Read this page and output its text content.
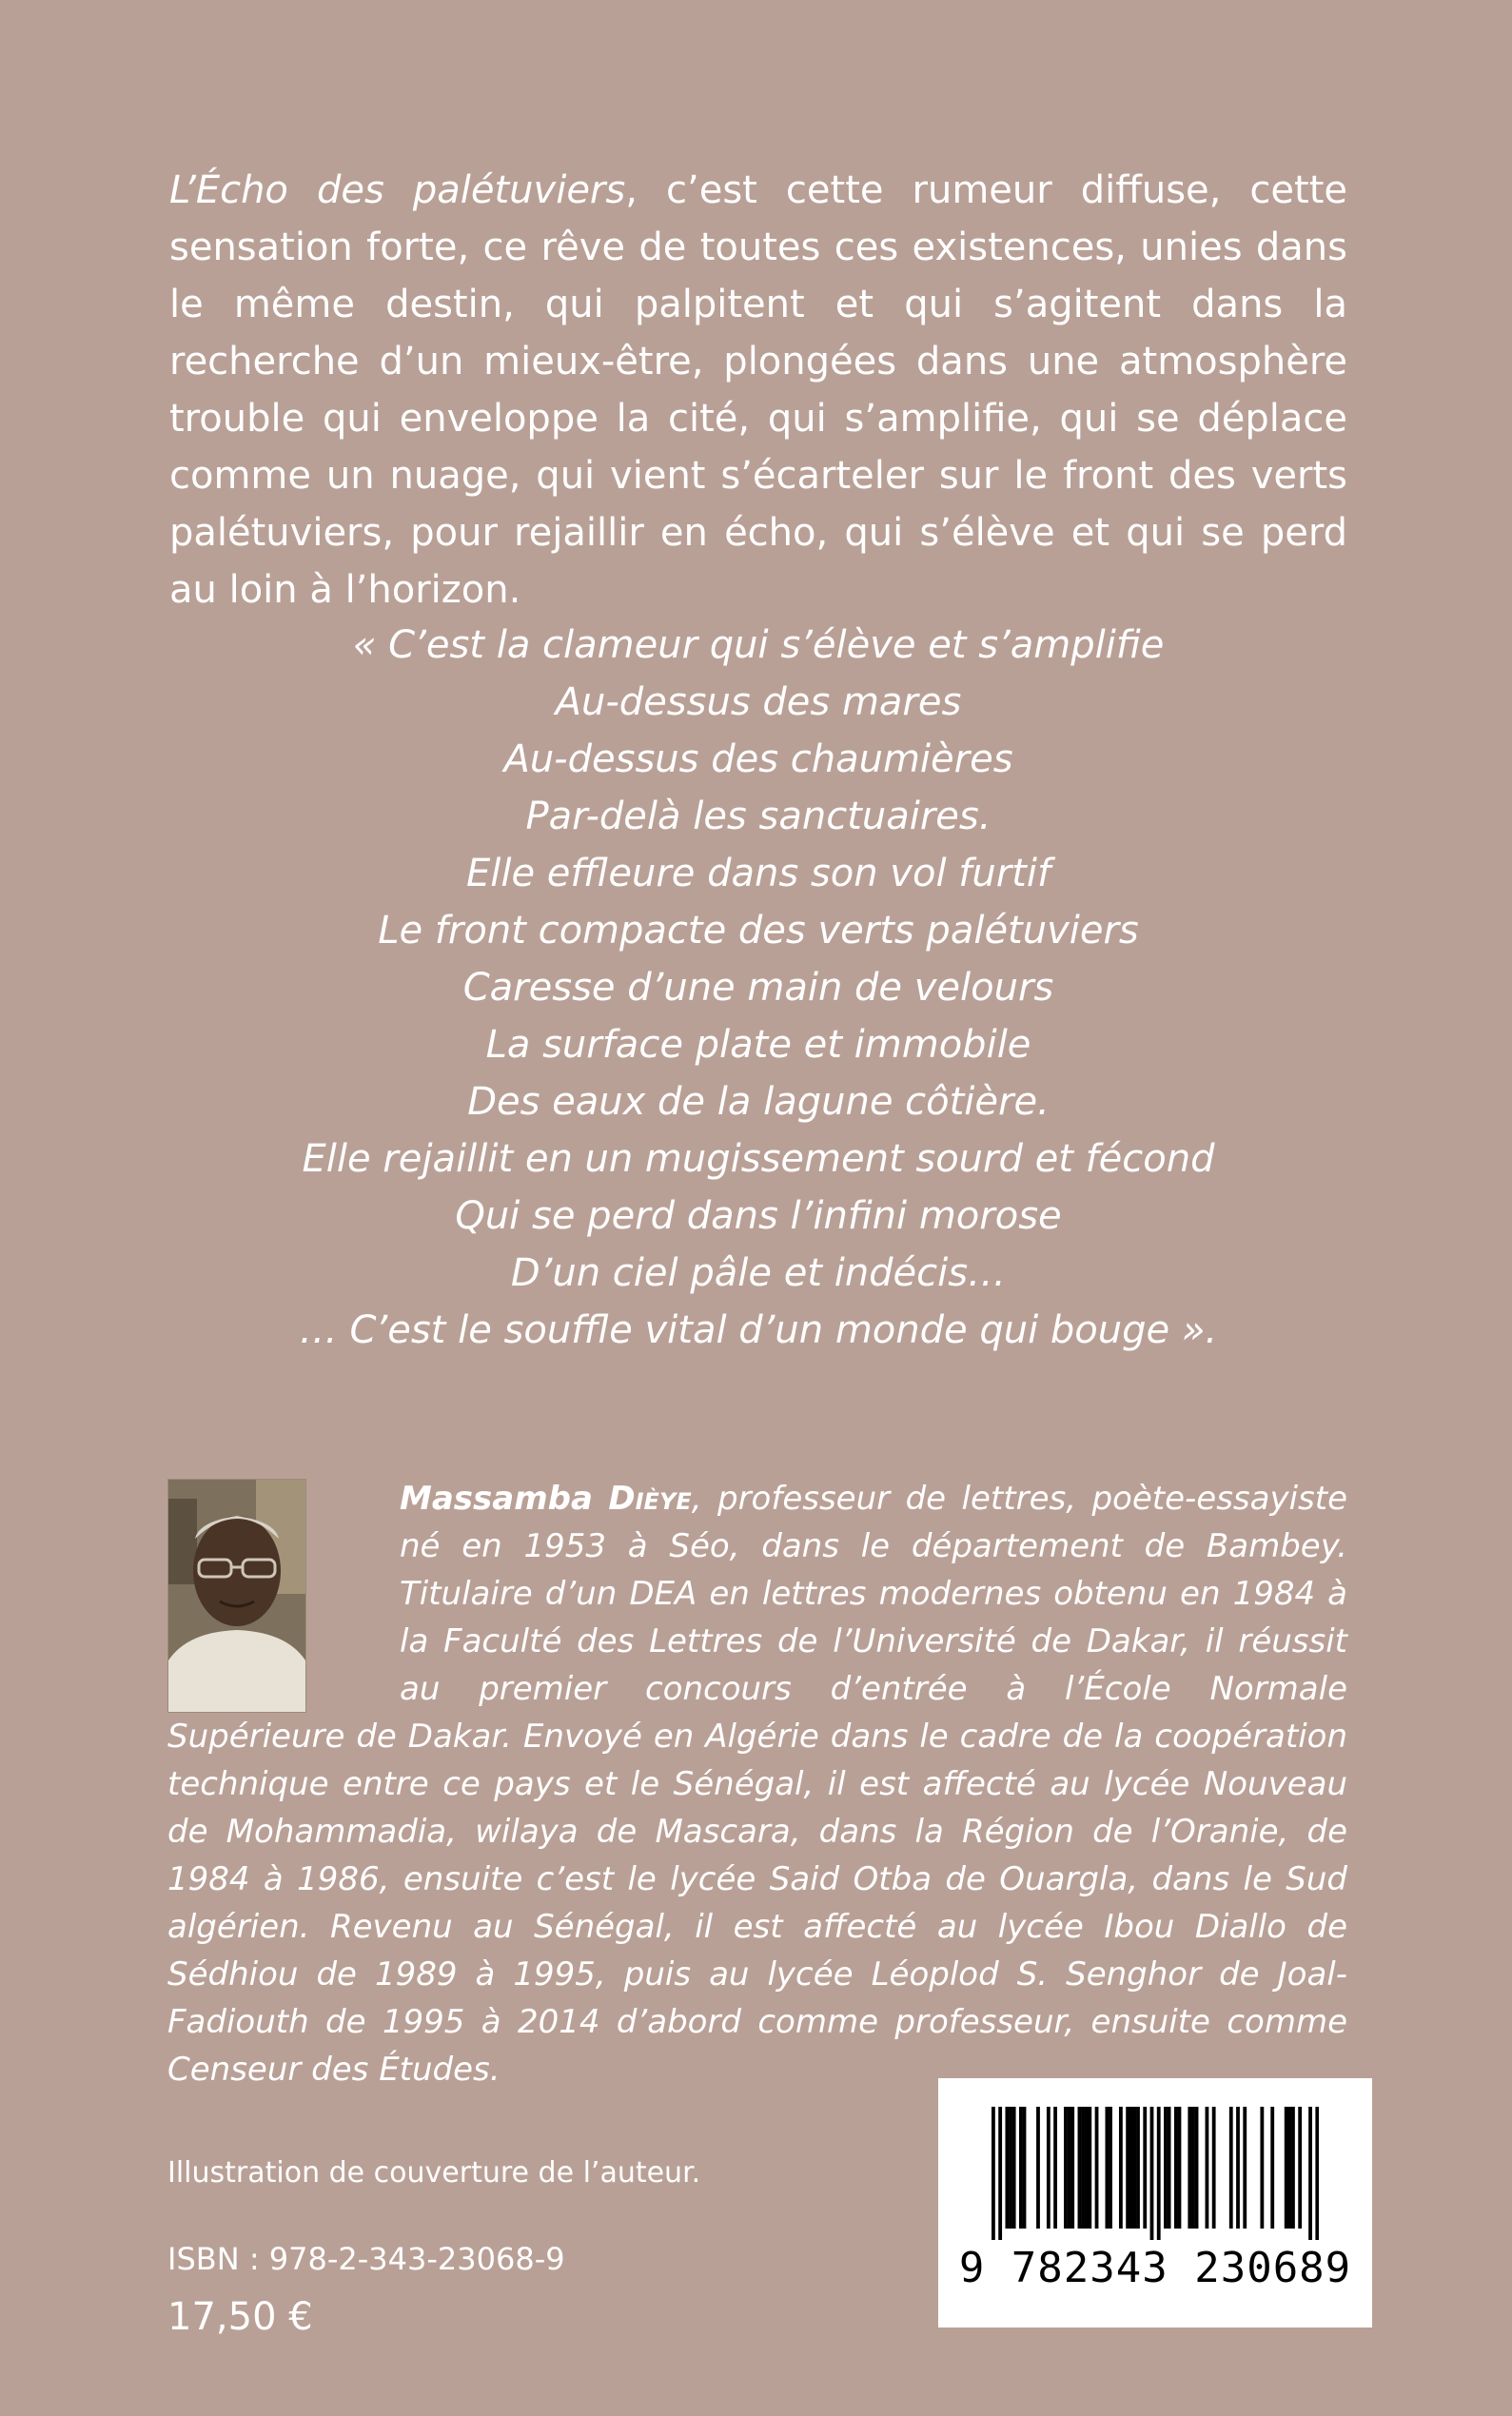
L’Écho des palétuviers, c’est cette rumeur diffuse, cette sensation forte, ce rêve de toutes ces existences, unies dans le même destin, qui palpitent et qui s’agitent dans la recherche d’un mieux-être, plongées dans une atmosphère trouble qui enveloppe la cité, qui s’amplifie, qui se déplace comme un nuage, qui vient s’écarteler sur le front des verts palétuviers, pour rejaillir en écho, qui s’élève et qui se perd au loin à l’horizon.

« C’est la clameur qui s’élève et s’amplifie
Au-dessus des mares
Au-dessus des chaumières
Par-delà les sanctuaires.
Elle effleure dans son vol furtif
Le front compacte des verts palétuviers
Caresse d’une main de velours
La surface plate et immobile
Des eaux de la lagune côtière.
Elle rejaillit en un mugissement sourd et fécond
Qui se perd dans l’infini morose
D’un ciel pâle et indécis…
… C’est le souffle vital d’un monde qui bouge ».

Massamba Dièye, professeur de lettres, poète-essayiste né en 1953 à Séo, dans le département de Bambey. Titulaire d’un DEA en lettres modernes obtenu en 1984 à la Faculté des Lettres de l’Université de Dakar, il réussit au premier concours d’entrée à l’École Normale Supérieure de Dakar. Envoyé en Algérie dans le cadre de la coopération technique entre ce pays et le Sénégal, il est affecté au lycée Nouveau de Mohammadia, wilaya de Mascara, dans la Région de l’Oranie, de 1984 à 1986, ensuite c’est le lycée Said Otba de Ouargla, dans le Sud algérien. Revenu au Sénégal, il est affecté au lycée Ibou Diallo de Sédhiou de 1989 à 1995, puis au lycée Léoplod S. Senghor de Joal-Fadiouth de 1995 à 2014 d’abord comme professeur, ensuite comme Censeur des Études.

Illustration de couverture de l’auteur.

ISBN : 978-2-343-23068-9

17,50 €

9 782343 230689
